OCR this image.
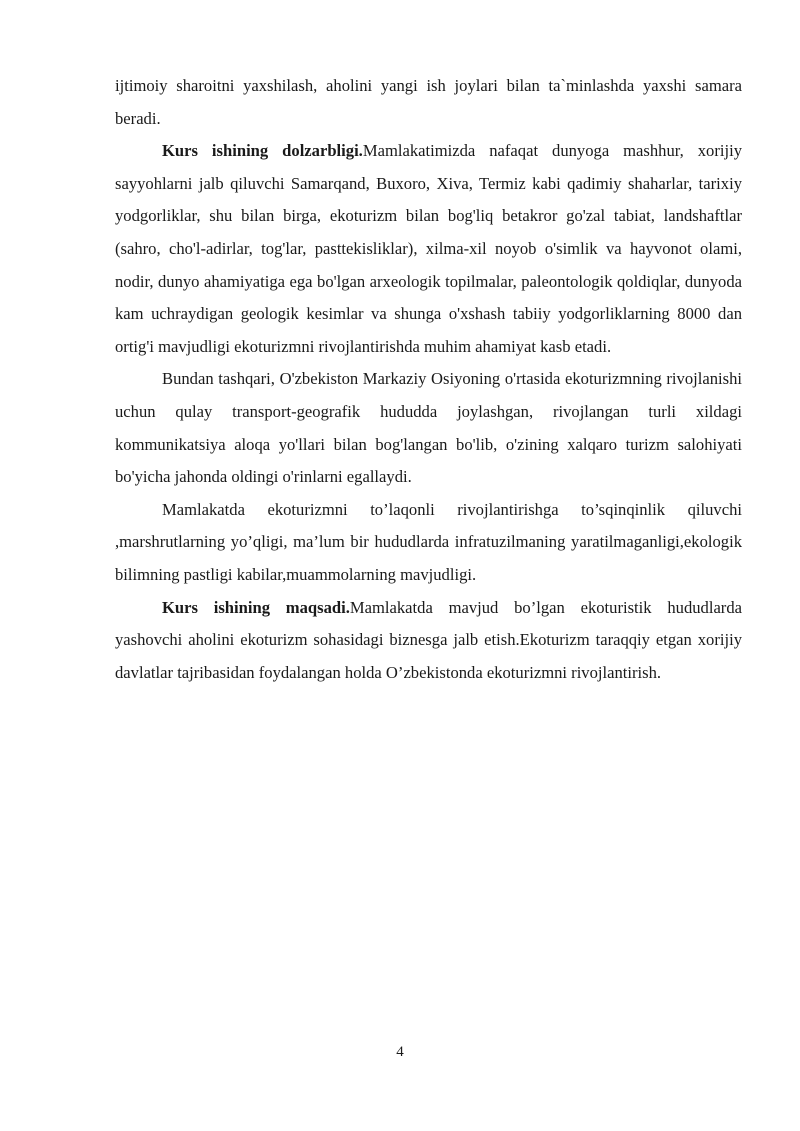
ijtimoiy sharoitni yaxshilash, aholini yangi ish joylari bilan ta`minlashda yaxshi samara beradi.

Kurs ishining dolzarbligi.Mamlakatimizda nafaqat dunyoga mashhur, xorijiy sayyohlarni jalb qiluvchi Samarqand, Buxoro, Xiva, Termiz kabi qadimiy shaharlar, tarixiy yodgorliklar, shu bilan birga, ekoturizm bilan bog'liq betakror go'zal tabiat, landshaftlar (sahro, cho'l-adirlar, tog'lar, pasttekisliklar), xilma-xil noyob o'simlik va hayvonot olami, nodir, dunyo ahamiyatiga ega bo'lgan arxeologik topilmalar, paleontologik qoldiqlar, dunyoda kam uchraydigan geologik kesimlar va shunga o'xshash tabiiy yodgorliklarning 8000 dan ortig'i mavjudligi ekoturizmni rivojlantirishda muhim ahamiyat kasb etadi.

Bundan tashqari, O'zbekiston Markaziy Osiyoning o'rtasida ekoturizmning rivojlanishi uchun qulay transport-geografik hududda joylashgan, rivojlangan turli xildagi kommunikatsiya aloqa yo'llari bilan bog'langan bo'lib, o'zining xalqaro turizm salohiyati bo'yicha jahonda oldingi o'rinlarni egallaydi.

Mamlakatda ekoturizmni to’laqonli rivojlantirishga to’sqinqinlik qiluvchi ,marshrutlarning yo’qligi, ma’lum bir hududlarda infratuzilmaning yaratilmaganligi,ekologik bilimning pastligi kabilar,muammolarning mavjudligi.

Kurs ishining maqsadi.Mamlakatda mavjud bo’lgan ekoturistik hududlarda yashovchi aholini ekoturizm sohasidagi biznesga jalb etish.Ekoturizm taraqqiy etgan xorijiy davlatlar tajribasidan foydalangan holda O’zbekistonda ekoturizmni rivojlantirish.

4
